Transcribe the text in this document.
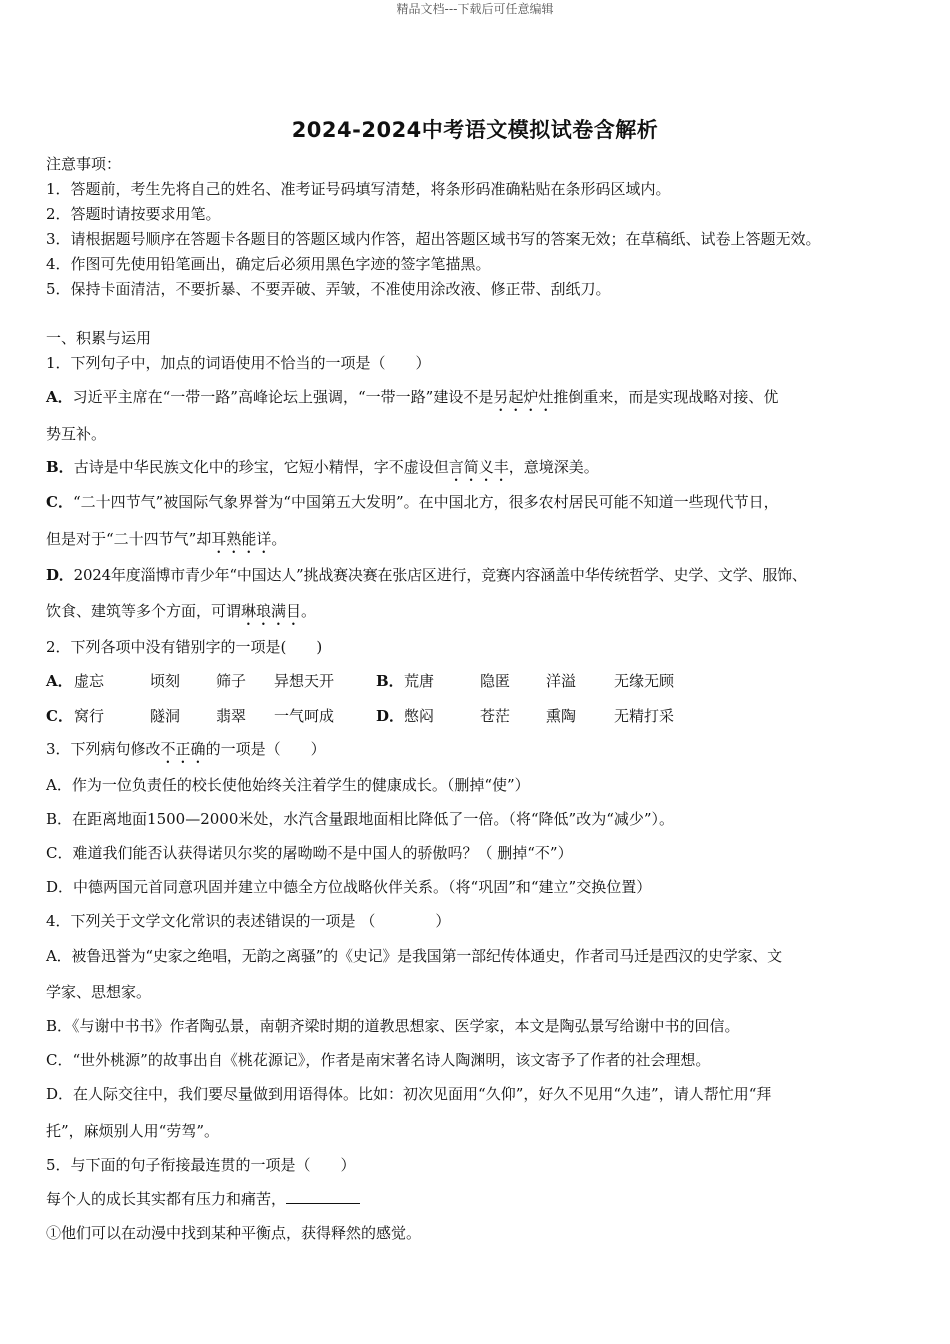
精品文档---下载后可任意编辑
2024-2024中考语文模拟试卷含解析
注意事项：
1．答题前，考生先将自己的姓名、准考证号码填写清楚，将条形码准确粘贴在条形码区域内。
2．答题时请按要求用笔。
3．请根据题号顺序在答题卡各题目的答题区域内作答，超出答题区域书写的答案无效；在草稿纸、试卷上答题无效。
4．作图可先使用铅笔画出，确定后必须用黑色字迹的签字笔描黑。
5．保持卡面清洁，不要折暴、不要弄破、弄皱，不准使用涂改液、修正带、刮纸刀。
一、积累与运用
1．下列句子中，加点的词语使用不恰当的一项是（　　）
A．习近平主席在“一带一路”高峰论坛上强调，“一带一路”建设不是另起炉灶推倒重来，而是实现战略对接、优
势互补。
B．古诗是中华民族文化中的珍宝，它短小精悍，字不虚设但言简义丰，意境深美。
C．“二十四节气”被国际气象界誉为“中国第五大发明”。在中国北方，很多农村居民可能不知道一些现代节日，
但是对于“二十四节气”却耳熟能详。
D．2024年度淄博市青少年“中国达人”挑战赛决赛在张店区进行，竞赛内容涵盖中华传统哲学、史学、文学、服饰、
饮食、建筑等多个方面，可谓琳琅满目。
2．下列各项中没有错别字的一项是(　　)
A． 虚忘	顷刻	筛子	异想天开	B． 荒唐	隐匿	洋溢	无缘无顾
C． 窝行	隧洞	翡翠	一气呵成	D． 憋闷	苍茫	熏陶	无精打采
3．下列病句修改不正确的一项是（　　）
A．作为一位负责任的校长使他始终关注着学生的健康成长。（删掉“使”）
B．在距离地面1500—2000米处，水汽含量跟地面相比降低了一倍。（将“降低”改为“减少”）。
C．难道我们能否认获得诺贝尔奖的屠呦呦不是中国人的骄傲吗？（ 删掉“不”）
D．中德两国元首同意巩固并建立中德全方位战略伙伴关系。（将“巩固”和“建立”交换位置）
4．下列关于文学文化常识的表述错误的一项是 （　　　　）
A．被鲁迅誉为“史家之绝唱，无韵之离骚”的《史记》是我国第一部纪传体通史，作者司马迁是西汉的史学家、文
学家、思想家。
B．《与谢中书书》作者陶弘景，南朝齐梁时期的道教思想家、医学家，本文是陶弘景写给谢中书的回信。
C．“世外桃源”的故事出自《桃花源记》，作者是南宋著名诗人陶渊明，该文寄予了作者的社会理想。
D．在人际交往中，我们要尽量做到用语得体。比如：初次见面用“久仰”，好久不见用“久违”，请人帮忙用“拜
托”，麻烦别人用“劳驾”。
5．与下面的句子衔接最连贯的一项是（　　）
每个人的成长其实都有压力和痛苦，
①他们可以在动漫中找到某种平衡点，获得释然的感觉。
